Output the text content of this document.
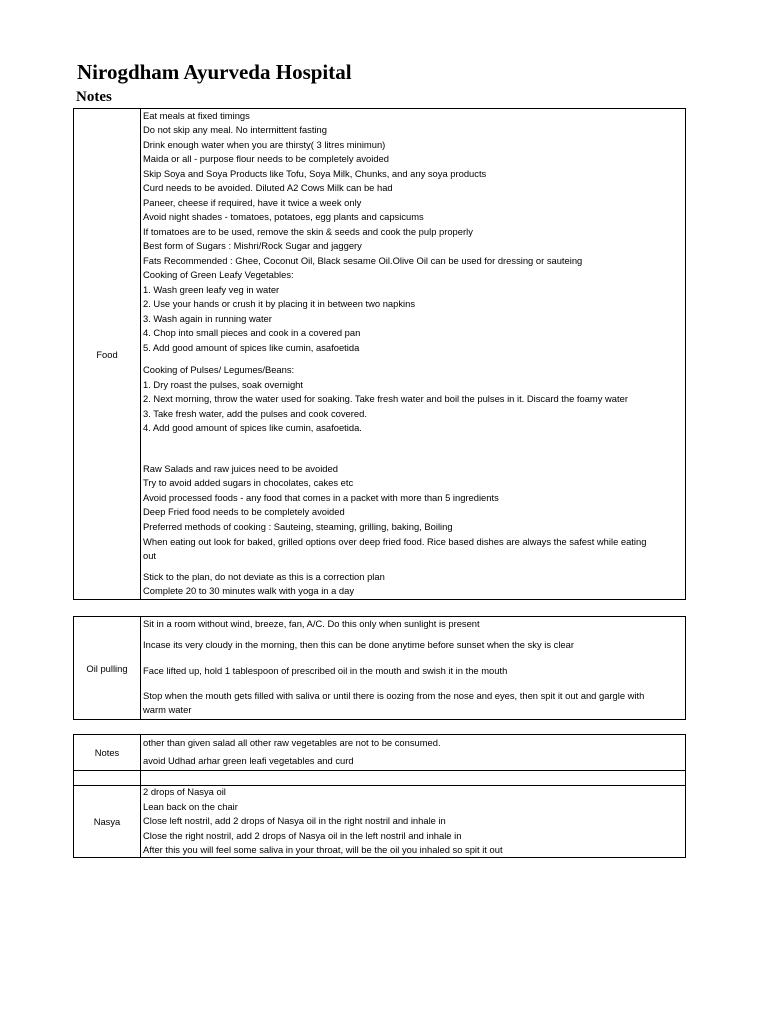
Nirogdham Ayurveda Hospital
Notes
Food
Eat meals at fixed timings
Do not skip any meal. No intermittent fasting
Drink enough water when you are thirsty( 3 litres minimun)
Maida or all - purpose flour needs to be completely avoided
Skip Soya and Soya Products like Tofu, Soya Milk, Chunks, and any soya products
Curd needs to be avoided. Diluted A2 Cows Milk can be had
Paneer, cheese if required, have it twice a week only
Avoid night shades - tomatoes, potatoes, egg plants and capsicums
If tomatoes are to be used, remove the skin & seeds and cook the pulp properly
Best form of Sugars : Mishri/Rock Sugar and jaggery
Fats Recommended : Ghee, Coconut Oil, Black sesame Oil.Olive Oil can be used for dressing or sauteing
Cooking of Green Leafy Vegetables:
1. Wash green leafy veg in water
2. Use your hands or crush it by placing it in between two napkins
3. Wash again in running water
4. Chop into small pieces and cook in a covered pan
5. Add good amount of spices like cumin, asafoetida
Cooking of Pulses/ Legumes/Beans:
1. Dry roast the pulses, soak overnight
2. Next morning, throw the water used for soaking. Take fresh water and boil the pulses in it. Discard the foamy water
3. Take fresh water, add the pulses and cook covered.
4. Add good amount of spices like cumin, asafoetida.
Raw Salads and raw juices need to be avoided
Try to avoid added sugars in chocolates, cakes etc
Avoid processed foods - any food that comes in a packet with more than 5 ingredients
Deep Fried food needs to be completely avoided
Preferred methods of cooking : Sauteing, steaming, grilling, baking, Boiling
When eating out look for baked, grilled options over deep fried food. Rice based dishes are always the safest while eating
out
Stick to the plan, do not deviate as this is a correction plan
Complete 20 to 30 minutes walk with yoga in a day
Oil pulling
Sit in a room without wind, breeze, fan, A/C. Do this only when sunlight is present
Incase its very cloudy in the morning, then this can be done anytime before sunset when the sky is clear
Face lifted up, hold 1 tablespoon of prescribed oil in the mouth and swish it in the mouth
Stop when the mouth gets filled with saliva or until there is oozing from the nose and eyes, then spit it out and gargle with
warm water
Notes
other than given salad all other raw vegetables are not to be consumed.
avoid Udhad arhar green leafi vegetables and curd
Nasya
2 drops of Nasya oil
Lean back on the chair
Close left nostril, add 2 drops of Nasya oil in the right nostril and inhale in
Close the right nostril, add 2 drops of Nasya oil in the left nostril and inhale in
After this you will feel some saliva in your throat, will be the oil you inhaled so spit it out
